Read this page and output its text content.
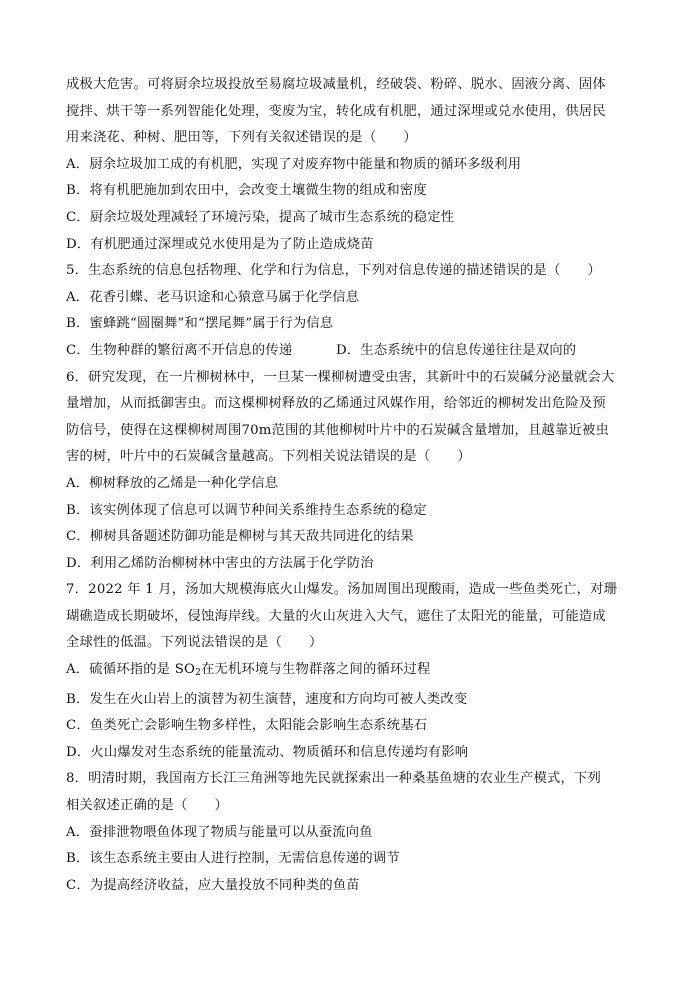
成极大危害。可将厨余垃圾投放至易腐垃圾减量机，经破袋、粉碎、脱水、固液分离、固体
搅拌、烘干等一系列智能化处理，变废为宝，转化成有机肥，通过深埋或兑水使用，供居民
用来浇花、种树、肥田等，下列有关叙述错误的是（　　）
A．厨余垃圾加工成的有机肥，实现了对废弃物中能量和物质的循环多级利用
B．将有机肥施加到农田中，会改变土壤微生物的组成和密度
C．厨余垃圾处理减轻了环境污染，提高了城市生态系统的稳定性
D．有机肥通过深埋或兑水使用是为了防止造成烧苗
5．生态系统的信息包括物理、化学和行为信息，下列对信息传递的描述错误的是（　　）
A．花香引蝶、老马识途和心猿意马属于化学信息
B．蜜蜂跳“圆圈舞”和“摆尾舞”属于行为信息
C．生物种群的繁衍离不开信息的传递	D．生态系统中的信息传递往往是双向的
6．研究发现，在一片柳树林中，一旦某一棵柳树遭受虫害，其新叶中的石炭碱分泌量就会大
量增加，从而抵御害虫。而这棵柳树释放的乙烯通过风媒作用，给邻近的柳树发出危险及预
防信号，使得在这棵柳树周围70m范围的其他柳树叶片中的石炭碱含量增加，且越靠近被虫
害的树，叶片中的石炭碱含量越高。下列相关说法错误的是（　　）
A．柳树释放的乙烯是一种化学信息
B．该实例体现了信息可以调节种间关系维持生态系统的稳定
C．柳树具备题述防御功能是柳树与其天敌共同进化的结果
D．利用乙烯防治柳树林中害虫的方法属于化学防治
7．2022 年 1 月，汤加大规模海底火山爆发。汤加周围出现酸雨，造成一些鱼类死亡，对珊
瑚礁造成长期破坏，侵蚀海岸线。大量的火山灰进入大气，遮住了太阳光的能量，可能造成
全球性的低温。下列说法错误的是（　　）
A．硫循环指的是 $SO_2$在无机环境与生物群落之间的循环过程
B．发生在火山岩上的演替为初生演替，速度和方向均可被人类改变
C．鱼类死亡会影响生物多样性，太阳能会影响生态系统基石
D．火山爆发对生态系统的能量流动、物质循环和信息传递均有影响
8．明清时期，我国南方长江三角洲等地先民就探索出一种桑基鱼塘的农业生产模式，下列
相关叙述正确的是（　　）
A．蚕排泄物喂鱼体现了物质与能量可以从蚕流向鱼
B．该生态系统主要由人进行控制，无需信息传递的调节
C．为提高经济收益，应大量投放不同种类的鱼苗
